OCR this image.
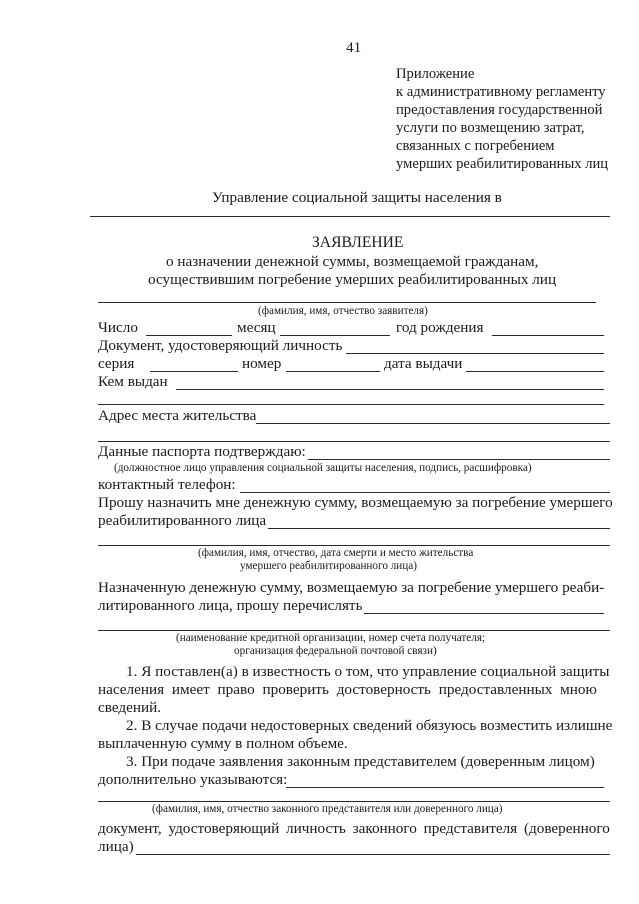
41
Приложение
к административному регламенту
предоставления государственной
услуги по возмещению затрат,
связанных с погребением
умерших реабилитированных лиц
Управление социальной защиты населения в
ЗАЯВЛЕНИЕ
о назначении денежной суммы, возмещаемой гражданам,
осуществившим погребение умерших реабилитированных лиц
(фамилия, имя, отчество заявителя)
Число	месяц	год рождения
Документ, удостоверяющий личность
серия	номер	дата выдачи
Кем выдан
Адрес места жительства
Данные паспорта подтверждаю:
(должностное лицо управления социальной защиты населения, подпись, расшифровка)
контактный телефон:
Прошу назначить мне денежную сумму, возмещаемую за погребение умершего
реабилитированного лица
(фамилия, имя, отчество, дата смерти и место жительства
умершего реабилитированного лица)
Назначенную денежную сумму, возмещаемую за погребение умершего реаби-
литированного лица, прошу перечислять
(наименование кредитной организации, номер счета получателя;
организация федеральной почтовой связи)
1. Я поставлен(а) в известность о том, что управление социальной защиты
населения имеет право проверить достоверность предоставленных мною
сведений.
2. В случае подачи недостоверных сведений обязуюсь возместить излишне
выплаченную сумму в полном объеме.
3. При подаче заявления законным представителем (доверенным лицом)
дополнительно указываются:
(фамилия, имя, отчество законного представителя или доверенного лица)
документ, удостоверяющий личность законного представителя (доверенного
лица)
